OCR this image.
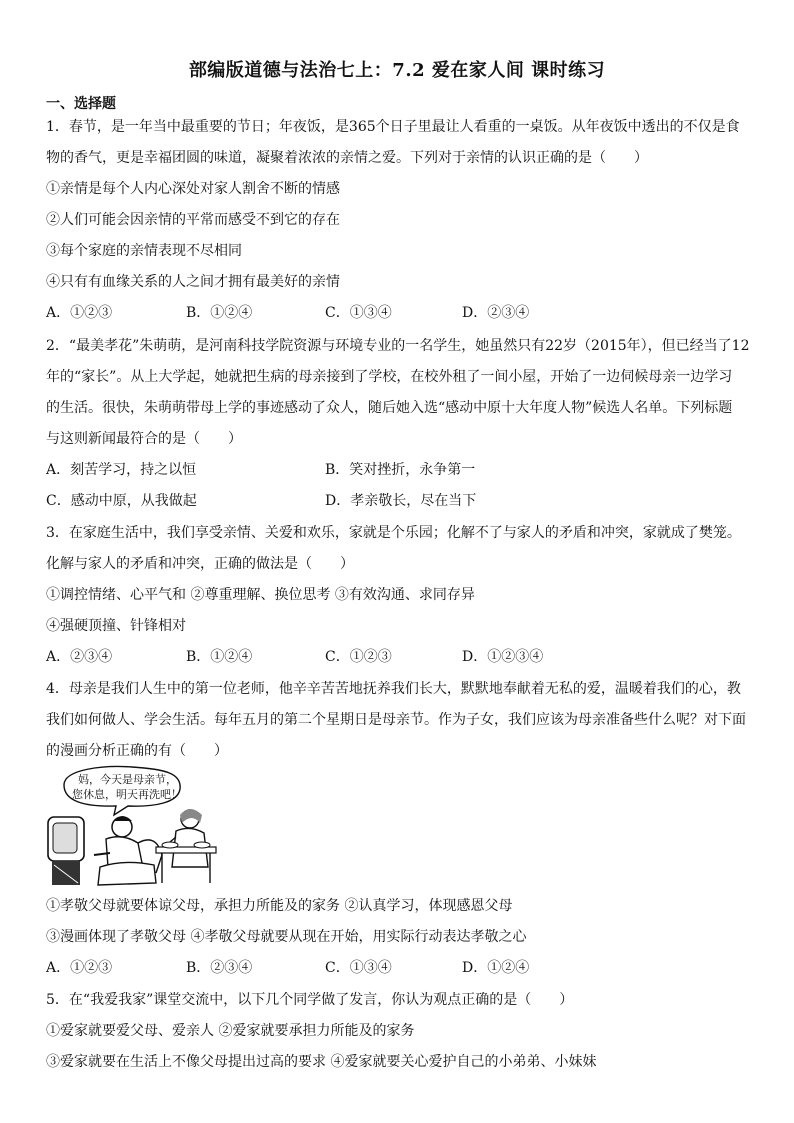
部编版道德与法治七上：7.2 爱在家人间 课时练习
一、选择题
1．春节，是一年当中最重要的节日；年夜饭，是365个日子里最让人看重的一桌饭。从年夜饭中透出的不仅是食
物的香气，更是幸福团圆的味道，凝聚着浓浓的亲情之爱。下列对于亲情的认识正确的是（　　）
①亲情是每个人内心深处对家人割舍不断的情感
②人们可能会因亲情的平常而感受不到它的存在
③每个家庭的亲情表现不尽相同
④只有有血缘关系的人之间才拥有最美好的亲情
A．①②③	B．①②④	C．①③④	D．②③④
2．“最美孝花”朱萌萌，是河南科技学院资源与环境专业的一名学生，她虽然只有22岁（2015年），但已经当了12
年的“家长”。从上大学起，她就把生病的母亲接到了学校，在校外租了一间小屋，开始了一边伺候母亲一边学习
的生活。很快，朱萌萌带母上学的事迹感动了众人，随后她入选“感动中原十大年度人物”候选人名单。下列标题
与这则新闻最符合的是（　　）
A．刻苦学习，持之以恒	B．笑对挫折，永争第一
C．感动中原，从我做起	D．孝亲敬长，尽在当下
3．在家庭生活中，我们享受亲情、关爱和欢乐，家就是个乐园；化解不了与家人的矛盾和冲突，家就成了樊笼。
化解与家人的矛盾和冲突，正确的做法是（　　）
①调控情绪、心平气和 ②尊重理解、换位思考 ③有效沟通、求同存异
④强硬顶撞、针锋相对
A．②③④	B．①②④	C．①②③	D．①②③④
4．母亲是我们人生中的第一位老师，他辛辛苦苦地抚养我们长大，默默地奉献着无私的爱，温暖着我们的心，教
我们如何做人、学会生活。每年五月的第二个星期日是母亲节。作为子女，我们应该为母亲准备些什么呢？对下面
的漫画分析正确的有（　　）
妈，今天是母亲节，
您休息，明天再洗吧！
①孝敬父母就要体谅父母，承担力所能及的家务 ②认真学习，体现感恩父母
③漫画体现了孝敬父母 ④孝敬父母就要从现在开始，用实际行动表达孝敬之心
A．①②③	B．②③④	C．①③④	D．①②④
5．在“我爱我家”课堂交流中，以下几个同学做了发言，你认为观点正确的是（　　）
①爱家就要爱父母、爱亲人 ②爱家就要承担力所能及的家务
③爱家就要在生活上不像父母提出过高的要求 ④爱家就要关心爱护自己的小弟弟、小妹妹
